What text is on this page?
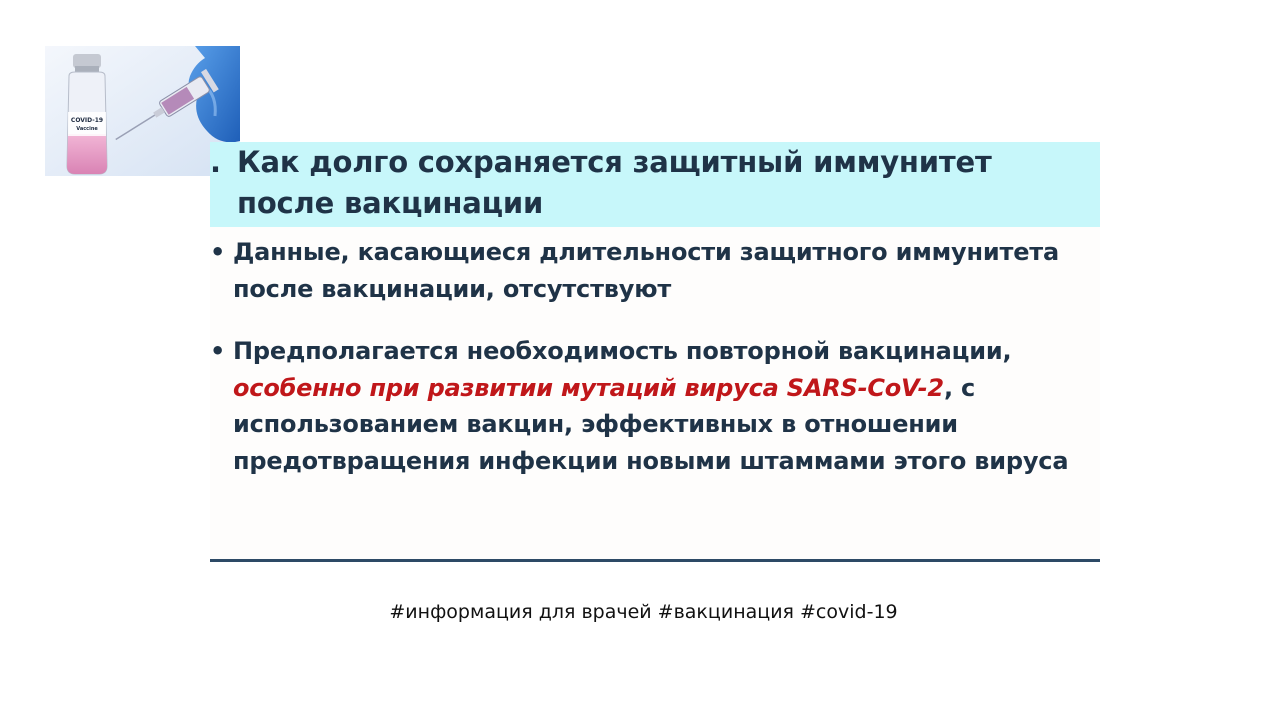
COVID-19
Vaccine
. Как долго сохраняется защитный иммунитет после вакцинации
• Данные, касающиеся длительности защитного иммунитета после вакцинации, отсутствуют
• Предполагается необходимость повторной вакцинации, особенно при развитии мутаций вируса SARS-CoV-2, с использованием вакцин, эффективных в отношении предотвращения инфекции новыми штаммами этого вируса

#информация для врачей #вакцинация #covid-19
